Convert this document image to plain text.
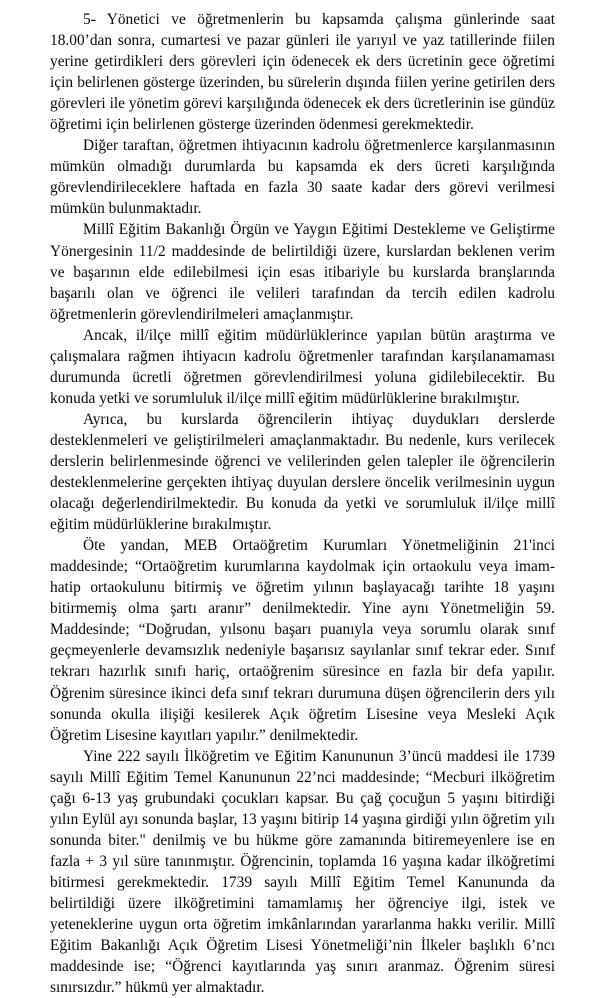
5- Yönetici ve öğretmenlerin bu kapsamda çalışma günlerinde saat 18.00’dan sonra, cumartesi ve pazar günleri ile yarıyıl ve yaz tatillerinde fiilen yerine getirdikleri ders görevleri için ödenecek ek ders ücretinin gece öğretimi için belirlenen gösterge üzerinden, bu sürelerin dışında fiilen yerine getirilen ders görevleri ile yönetim görevi karşılığında ödenecek ek ders ücretlerinin ise gündüz öğretimi için belirlenen gösterge üzerinden ödenmesi gerekmektedir.

Diğer taraftan, öğretmen ihtiyacının kadrolu öğretmenlerce karşılanmasının mümkün olmadığı durumlarda bu kapsamda ek ders ücreti karşılığında görevlendirileceklere haftada en fazla 30 saate kadar ders görevi verilmesi mümkün bulunmaktadır.

Millî Eğitim Bakanlığı Örgün ve Yaygın Eğitimi Destekleme ve Geliştirme Yönergesinin 11/2 maddesinde de belirtildiği üzere, kurslardan beklenen verim ve başarının elde edilebilmesi için esas itibariyle bu kurslarda branşlarında başarılı olan ve öğrenci ile velileri tarafından da tercih edilen kadrolu öğretmenlerin görevlendirilmeleri amaçlanmıştır.

Ancak, il/ilçe millî eğitim müdürlüklerince yapılan bütün araştırma ve çalışmalara rağmen ihtiyacın kadrolu öğretmenler tarafından karşılanamaması durumunda ücretli öğretmen görevlendirilmesi yoluna gidilebilecektir. Bu konuda yetki ve sorumluluk il/ilçe millî eğitim müdürlüklerine bırakılmıştır.

Ayrıca, bu kurslarda öğrencilerin ihtiyaç duydukları derslerde desteklenmeleri ve geliştirilmeleri amaçlanmaktadır. Bu nedenle, kurs verilecek derslerin belirlenmesinde öğrenci ve velilerinden gelen talepler ile öğrencilerin desteklenmelerine gerçekten ihtiyaç duyulan derslere öncelik verilmesinin uygun olacağı değerlendirilmektedir. Bu konuda da yetki ve sorumluluk il/ilçe millî eğitim müdürlüklerine bırakılmıştır.

Öte yandan, MEB Ortaöğretim Kurumları Yönetmeliğinin 21'inci maddesinde; “Ortaöğretim kurumlarına kaydolmak için ortaokulu veya imam-hatip ortaokulunu bitirmiş ve öğretim yılının başlayacağı tarihte 18 yaşını bitirmemiş olma şartı aranır” denilmektedir. Yine aynı Yönetmeliğin 59. Maddesinde; “Doğrudan, yılsonu başarı puanıyla veya sorumlu olarak sınıf geçmeyenlerle devamsızlık nedeniyle başarısız sayılanlar sınıf tekrar eder. Sınıf tekrarı hazırlık sınıfı hariç, ortaöğrenim süresince en fazla bir defa yapılır. Öğrenim süresince ikinci defa sınıf tekrarı durumuna düşen öğrencilerin ders yılı sonunda okulla ilişiği kesilerek Açık öğretim Lisesine veya Mesleki Açık Öğretim Lisesine kayıtları yapılır.” denilmektedir.

Yine 222 sayılı İlköğretim ve Eğitim Kanununun 3’üncü maddesi ile 1739 sayılı Millî Eğitim Temel Kanununun 22’nci maddesinde; “Mecburi ilköğretim çağı 6-13 yaş grubundaki çocukları kapsar. Bu çağ çocuğun 5 yaşını bitirdiği yılın Eylül ayı sonunda başlar, 13 yaşını bitirip 14 yaşına girdiği yılın öğretim yılı sonunda biter." denilmiş ve bu hükme göre zamanında bitiremeyenlere ise en fazla + 3 yıl süre tanınmıştır. Öğrencinin, toplamda 16 yaşına kadar ilköğretimi bitirmesi gerekmektedir. 1739 sayılı Millî Eğitim Temel Kanununda da belirtildiği üzere ilköğretimini tamamlamış her öğrenciye ilgi, istek ve yeteneklerine uygun orta öğretim imkânlarından yararlanma hakkı verilir. Millî Eğitim Bakanlığı Açık Öğretim Lisesi Yönetmeliği’nin İlkeler başlıklı 6’ncı maddesinde ise; “Öğrenci kayıtlarında yaş sınırı aranmaz. Öğrenim süresi sınırsızdır.” hükmü yer almaktadır.
